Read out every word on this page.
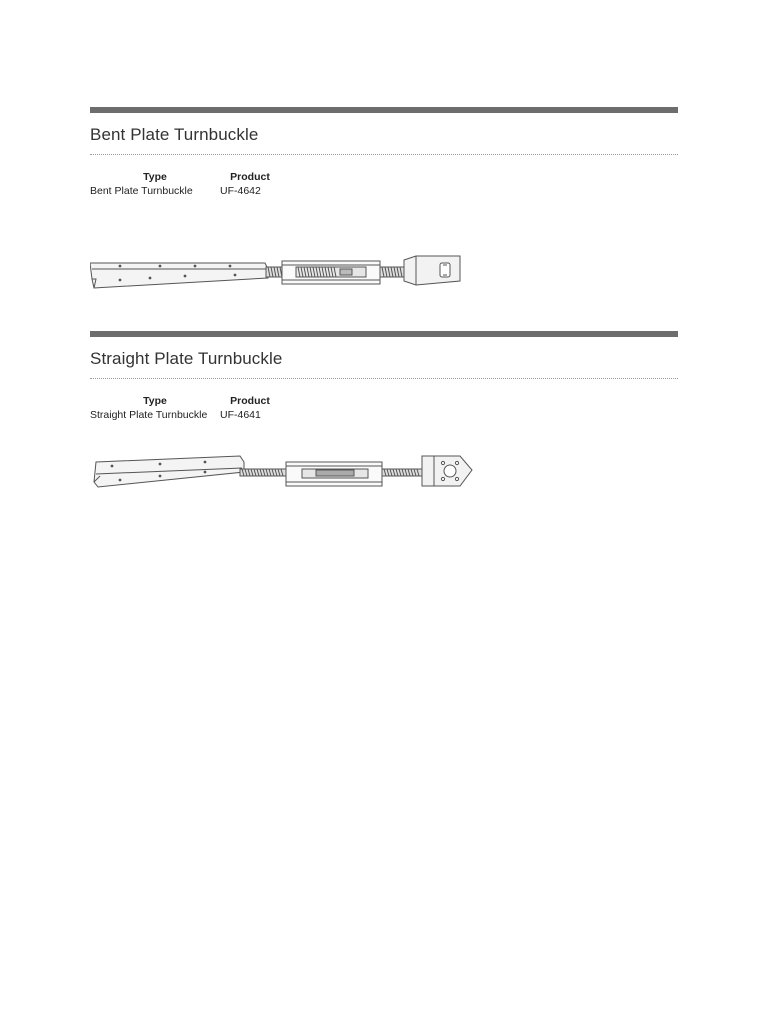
Bent Plate Turnbuckle
Type	Product
Bent Plate Turnbuckle	UF-4642
Straight Plate Turnbuckle
Type	Product
Straight Plate Turnbuckle	UF-4641
